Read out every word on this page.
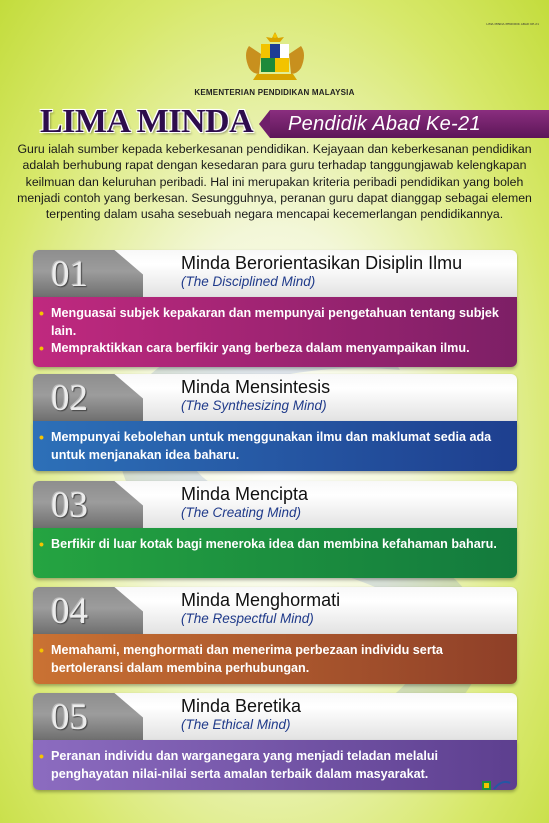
LIMA MINDA PENDIDIK ABAD KE-21
KEMENTERIAN PENDIDIKAN MALAYSIA
LIMA MINDA Pendidik Abad Ke-21
Guru ialah sumber kepada keberkesanan pendidikan. Kejayaan dan keberkesanan pendidikan adalah berhubung rapat dengan kesedaran para guru terhadap tanggungjawab kelengkapan keilmuan dan keluruhan peribadi. Hal ini merupakan kriteria peribadi pendidikan yang boleh menjadi contoh yang berkesan. Sesungguhnya, peranan guru dapat dianggap sebagai elemen terpenting dalam usaha sesebuah negara mencapai kecemerlangan pendidikannya.
01	Minda Berorientasikan Disiplin Ilmu
(The Disciplined Mind)
• Menguasai subjek kepakaran dan mempunyai pengetahuan tentang subjek lain.
• Mempraktikkan cara berfikir yang berbeza dalam menyampaikan ilmu.
02	Minda Mensintesis
(The Synthesizing Mind)
• Mempunyai kebolehan untuk menggunakan ilmu dan maklumat sedia ada untuk menjanakan idea baharu.
03	Minda Mencipta
(The Creating Mind)
• Berfikir di luar kotak bagi meneroka idea dan membina kefahaman baharu.
04	Minda Menghormati
(The Respectful Mind)
• Memahami, menghormati dan menerima perbezaan individu serta bertoleransi dalam membina perhubungan.
05	Minda Beretika
(The Ethical Mind)
• Peranan individu dan warganegara yang menjadi teladan melalui penghayatan nilai-nilai serta amalan terbaik dalam masyarakat.
